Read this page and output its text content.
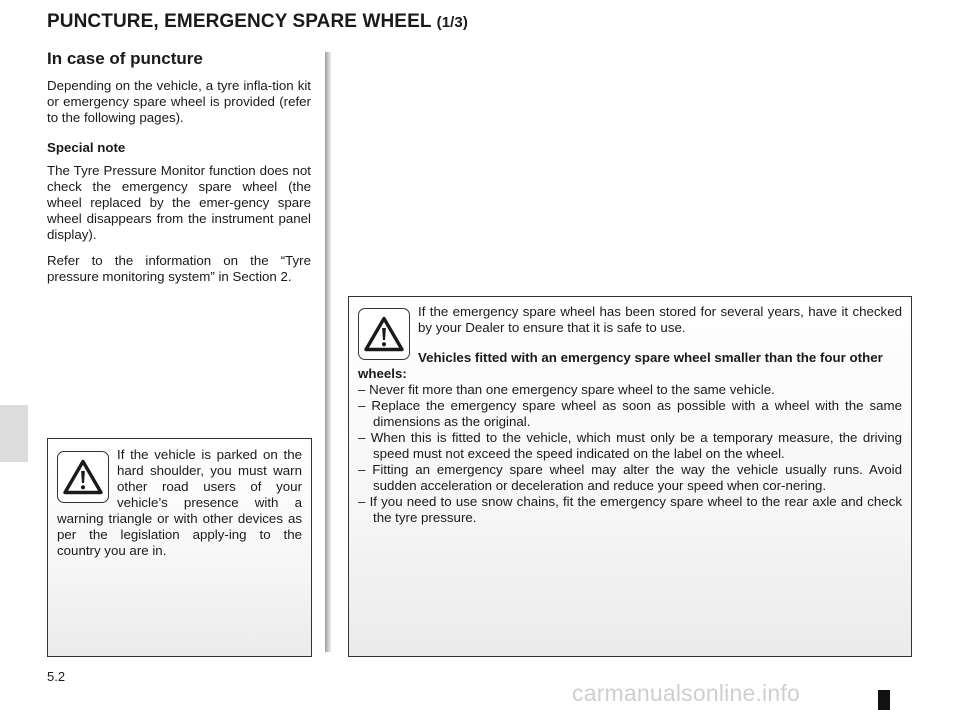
PUNCTURE, EMERGENCY SPARE WHEEL (1/3)
In case of puncture

Depending on the vehicle, a tyre infla-tion kit or emergency spare wheel is provided (refer to the following pages).

Special note

The Tyre Pressure Monitor function does not check the emergency spare wheel (the wheel replaced by the emer-gency spare wheel disappears from the instrument panel display).

Refer to the information on the “Tyre pressure monitoring system” in Section 2.

If the vehicle is parked on the hard shoulder, you must warn other road users of your vehicle’s presence with a warning triangle or with other devices as per the legislation apply-ing to the country you are in.

If the emergency spare wheel has been stored for several years, have it checked by your Dealer to ensure that it is safe to use.

Vehicles fitted with an emergency spare wheel smaller than the four other wheels:

– Never fit more than one emergency spare wheel to the same vehicle.
– Replace the emergency spare wheel as soon as possible with a wheel with the same dimensions as the original.
– When this is fitted to the vehicle, which must only be a temporary measure, the driving speed must not exceed the speed indicated on the label on the wheel.
– Fitting an emergency spare wheel may alter the way the vehicle usually runs. Avoid sudden acceleration or deceleration and reduce your speed when cor-nering.
– If you need to use snow chains, fit the emergency spare wheel to the rear axle and check the tyre pressure.
5.2
carmanualsonline.info
